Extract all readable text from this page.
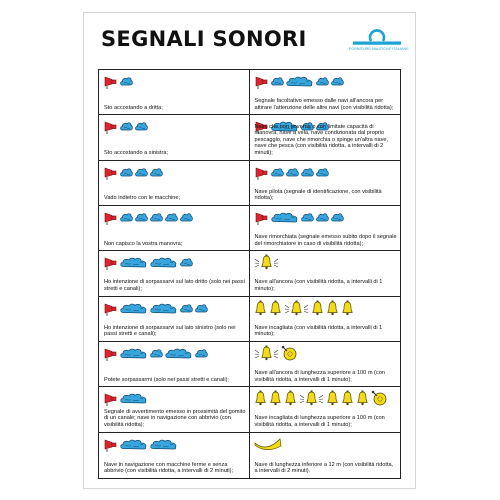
SEGNALI SONORI	FORNITURE NAUTICHE ITALIANE
Sto accostando a dritta;
Segnale facoltativo emesso dalle navi all'ancora per attirare l'attenzione delle altre navi (con visibilità ridotta);
Sto accostando a sinistra;
Nave che non governa o con limitate capacità di manovra, nave a vela, nave condizionata dal proprio pescaggio, nave che rimorchia o spinge un'altra nave, nave che pesca (con visibilità ridotta, a intervalli di 2 minuti);
Vado indietro con le macchine;
Nave pilota (segnale di identificazione, con visibilità ridotta);
Non capisco la vostra manovra;
Nave rimorchiata (segnale emesso subito dopo il segnale del rimorchiatore in caso di visibilità ridotta);
Ho intenzione di sorpassarvi sul lato dritto (solo nei passi stretti e canali);
Nave all'ancora (con visibilità ridotta, a intervalli di 1 minuto);
Ho intenzione di sorpassarvi sul lato sinistro (solo nei passi stretti e canali);
Nave incagliata (con visibilità ridotta, a intervalli di 1 minuto);
Potete sorpassarmi (solo nei passi stretti e canali);
Nave all'ancora di lunghezza superiore a 100 m (con visibilità ridotta, a intervalli di 1 minuto);
Segnale di avvertimento emesso in prossimità del gomito di un canale; nave in navigazione con abbrivio (con visibilità ridotta);
Nave incagliata di lunghezza superiore a 100 m (con visibilità ridotta, a intervalli di 1 minuto);
Nave in navigazione con macchine ferme e senza abbrivio (con visibilità ridotta, a intervalli di 2 minuti);
Nave di lunghezza inferiore a 12 m (con visibilità ridotta, a intervalli di 2 minuti).
